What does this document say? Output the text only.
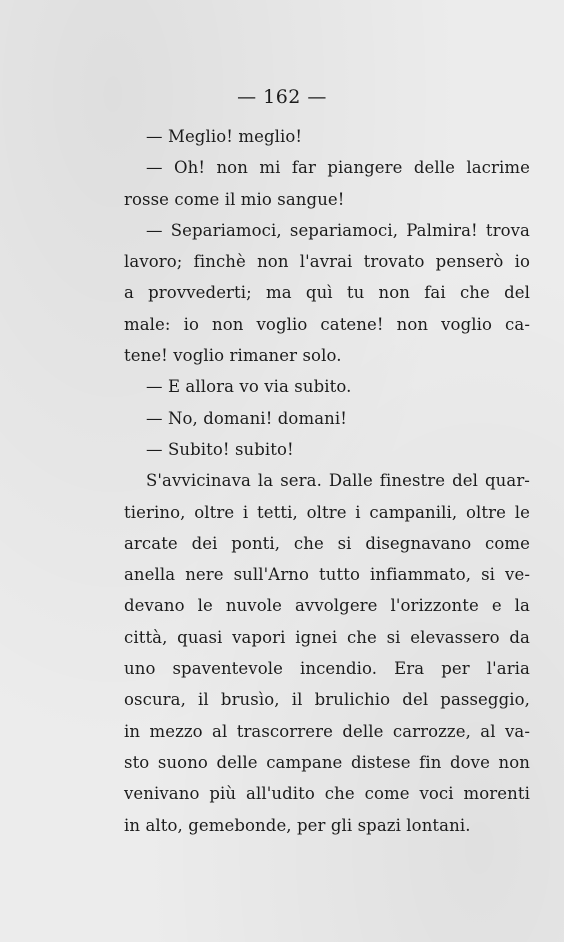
— 162 —
— Meglio! meglio!
— Oh! non mi far piangere delle lacrime
rosse come il mio sangue!
— Separiamoci, separiamoci, Palmira! trova
lavoro; finchè non l'avrai trovato penserò io
a provvederti; ma quì tu non fai che del
male: io non voglio catene! non voglio ca-
tene! voglio rimaner solo.
— E allora vo via subito.
— No, domani! domani!
— Subito! subito!
S'avvicinava la sera. Dalle finestre del quar-
tierino, oltre i tetti, oltre i campanili, oltre le
arcate dei ponti, che si disegnavano come
anella nere sull'Arno tutto infiammato, si ve-
devano le nuvole avvolgere l'orizzonte e la
città, quasi vapori ignei che si elevassero da
uno spaventevole incendio. Era per l'aria
oscura, il brusìo, il brulichio del passeggio,
in mezzo al trascorrere delle carrozze, al va-
sto suono delle campane distese fin dove non
venivano più all'udito che come voci morenti
in alto, gemebonde, per gli spazi lontani.
